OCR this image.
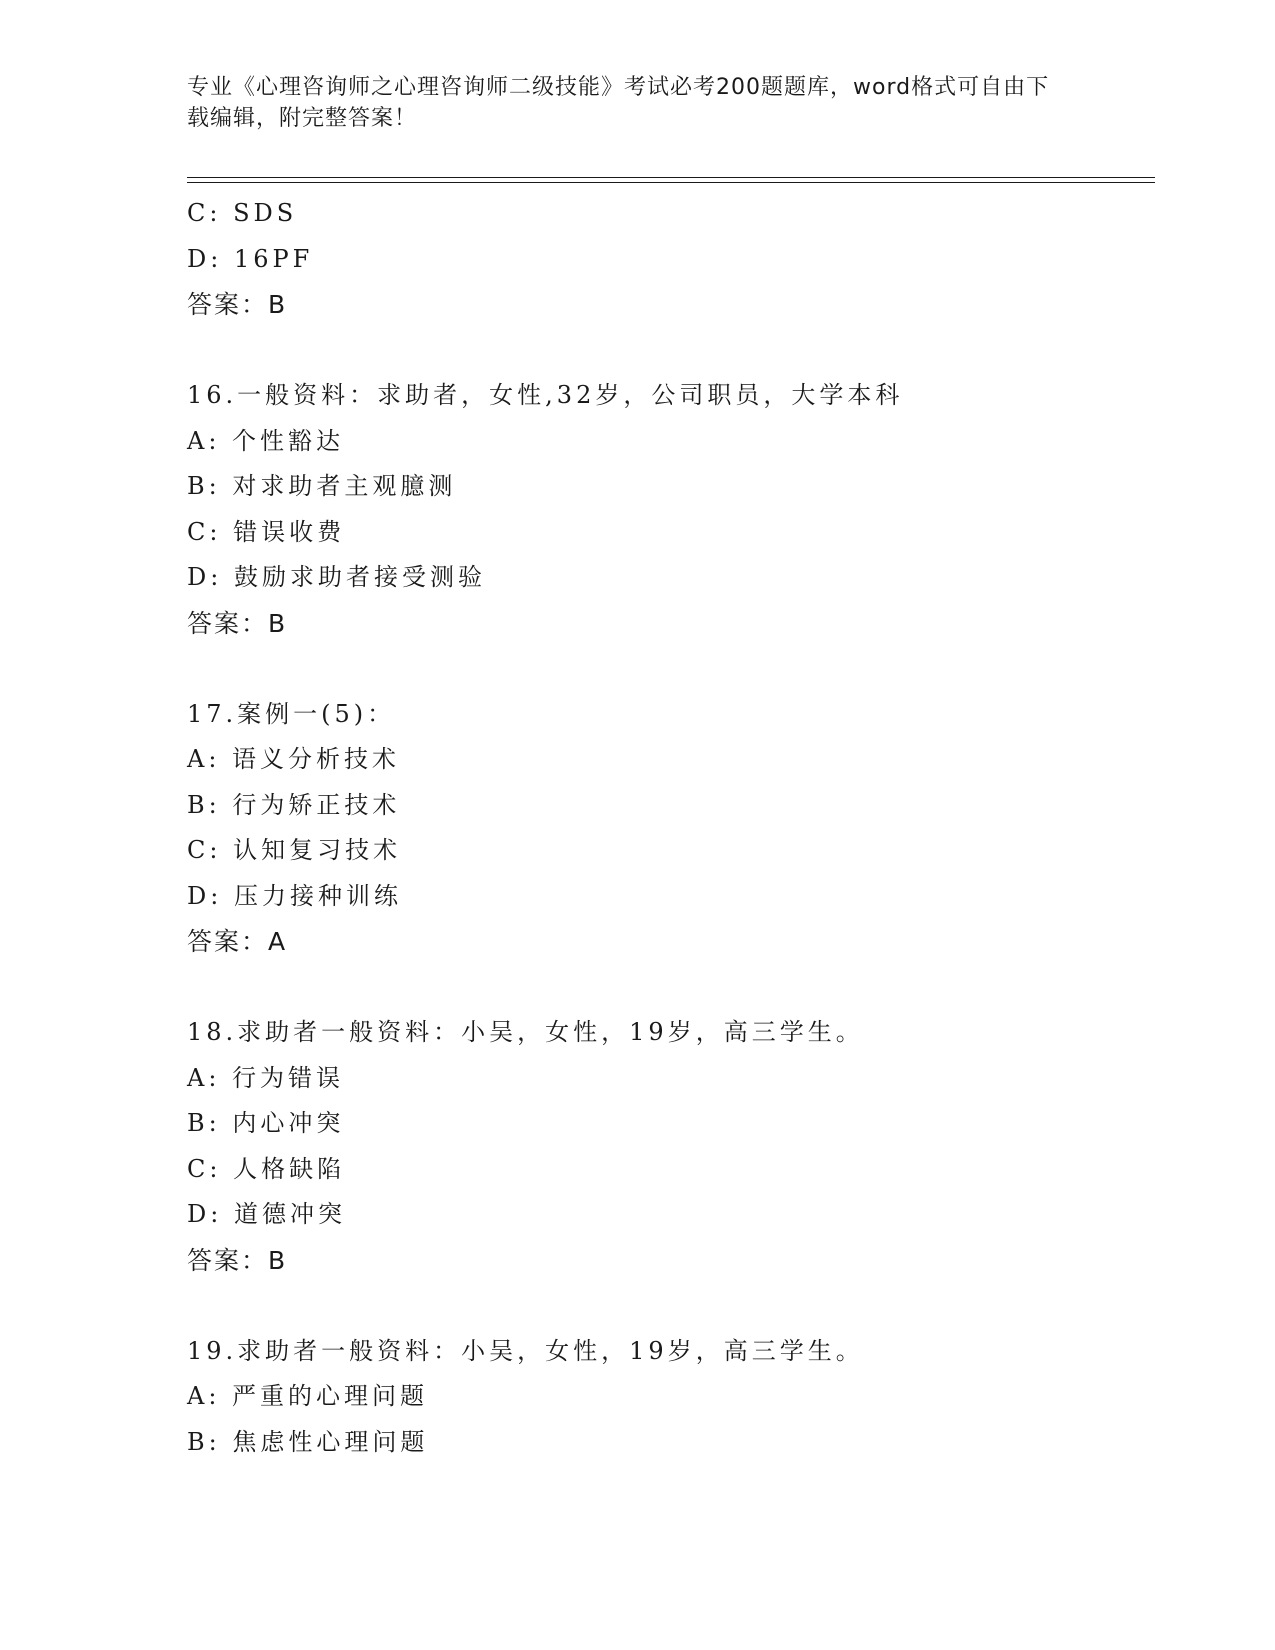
专业《心理咨询师之心理咨询师二级技能》考试必考200题题库，word格式可自由下载编辑，附完整答案！
C: SDS
D: 16PF
答案：B
16.一般资料：求助者，女性,32岁，公司职员，大学本科
A: 个性豁达
B: 对求助者主观臆测
C: 错误收费
D: 鼓励求助者接受测验
答案：B
17.案例一(5)：
A: 语义分析技术
B: 行为矫正技术
C: 认知复习技术
D: 压力接种训练
答案：A
18.求助者一般资料：小吴，女性，19岁，高三学生。
A: 行为错误
B: 内心冲突
C: 人格缺陷
D: 道德冲突
答案：B
19.求助者一般资料：小吴，女性，19岁，高三学生。
A: 严重的心理问题
B: 焦虑性心理问题
